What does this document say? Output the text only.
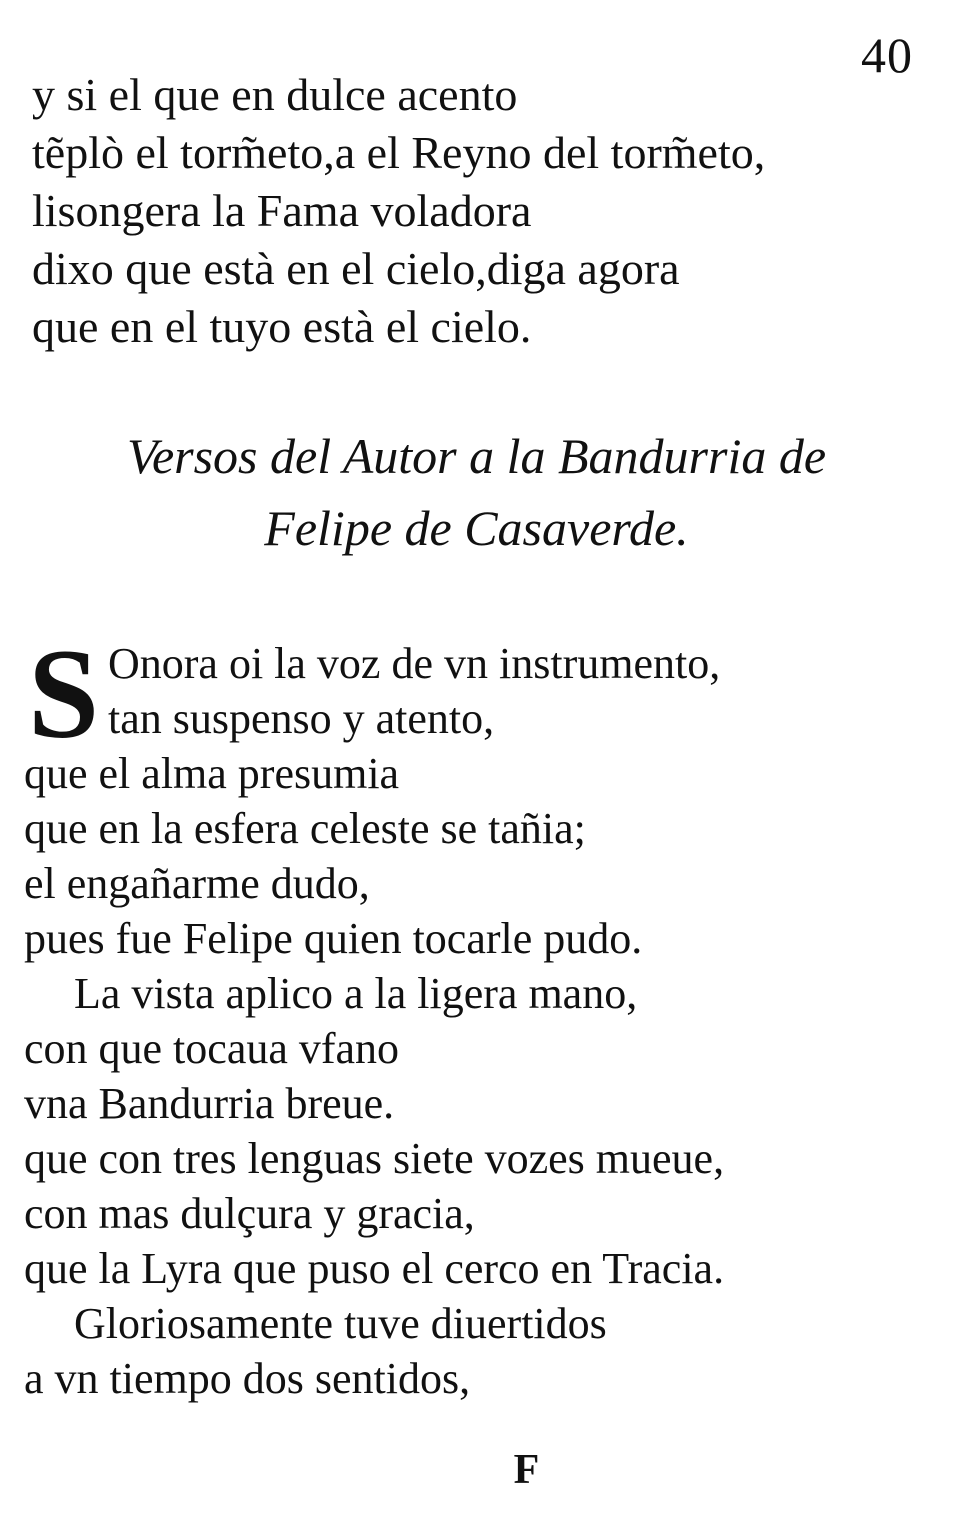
40
y si el que en dulce acento
tẽplò el torm̃eto,a el Reyno del torm̃eto,
lisongera la Fama voladora
dixo que està en el cielo,diga agora
que en el tuyo està el cielo.
Versos del Autor a la Bandurria de
Felipe de Casaverde.
S Onora oi la voz de vn instrumento,
tan suspenso y atento,
que el alma presumia
que en la esfera celeste se tañia;
el engañarme dudo,
pues fue Felipe quien tocarle pudo.
La vista aplico a la ligera mano,
con que tocaua vfano
vna Bandurria breue.
que con tres lenguas siete vozes mueue,
con mas dulçura y gracia,
que la Lyra que puso el cerco en Tracia.
Gloriosamente tuve diuertidos
a vn tiempo dos sentidos,
F
